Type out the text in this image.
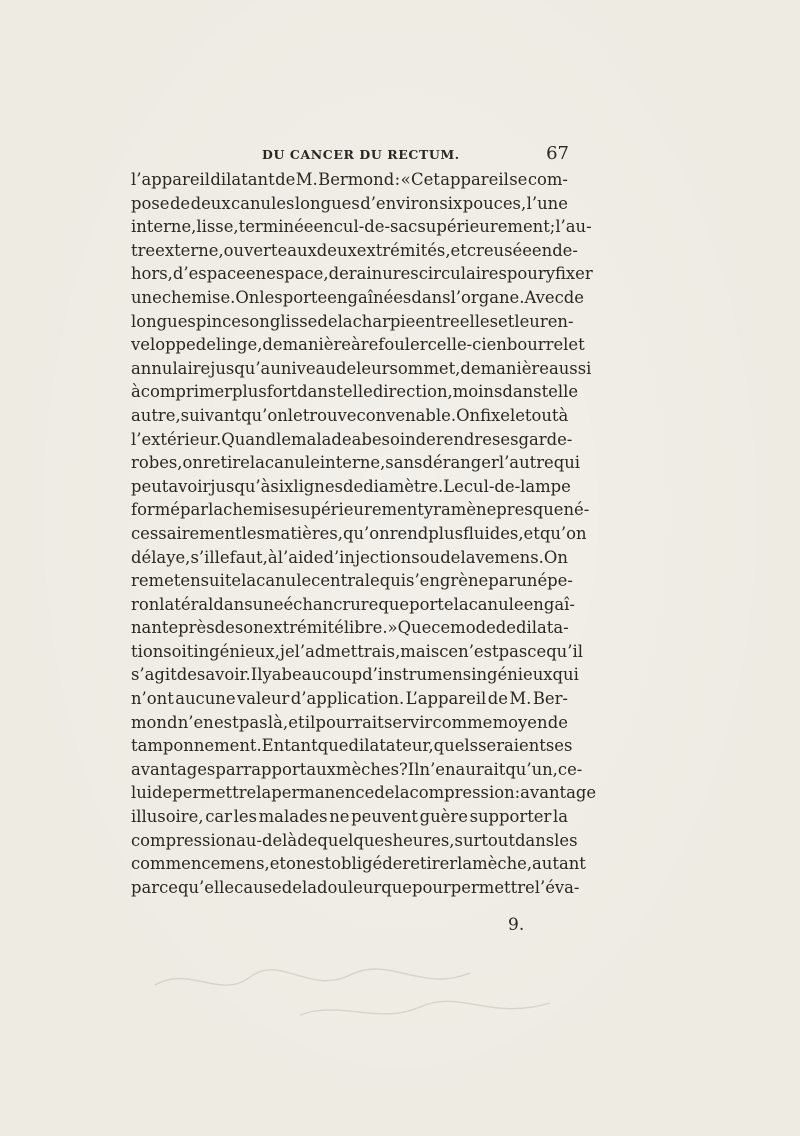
DU CANCER DU RECTUM.	67
l’appareil dilatant de M. Bermond : « Cet appareil se com-
pose de deux canules longues d’environ six pouces, l’une
interne, lisse, terminée en cul-de-sac supérieurement; l’au-
tre externe, ouverte aux deux extrémités, et creusée en de-
hors, d’espace en espace, de rainures circulaires pour y fixer
une chemise. On les porte engaînées dans l’organe. Avec de
longues pinces on glisse de la charpie entre elles et leur en-
veloppe de linge, de manière à refouler celle-ci en bourrelet
annulaire jusqu’au niveau de leur sommet, de manière aussi
à comprimer plus fort dans telle direction, moins dans telle
autre, suivant qu’on le trouve convenable. On fixe le tout à
l’extérieur. Quand le malade a besoin de rendre ses garde-
robes, on retire la canule interne, sans déranger l’autre qui
peut avoir jusqu’à six lignes de diamètre. Le cul-de-lampe
formé par la chemise supérieurement y ramène presque né-
cessairement les matières, qu’on rend plus fluides, et qu’on
délaye, s’il le faut, à l’aide d’injections ou de lavemens. On
remet ensuite la canule centrale qui s’engrène par un épe-
ron latéral dans une échancrure que porte la canule engaî-
nante près de son extrémité libre. » Que ce mode de dilata-
tion soit ingénieux, je l’admettrais, mais ce n’est pas ce qu’il
s’agit de savoir. Il y a beaucoup d’instrumens ingénieux qui
n’ont aucune valeur d’application. L’appareil de M. Ber-
mond n’en est pas là, et il pourrait servir comme moyen de
tamponnement. En tant que dilatateur, quels seraient ses
avantages par rapport aux mèches? Il n’en aurait qu’un, ce-
lui de permettre la permanence de la compression : avantage
illusoire, car les malades ne peuvent guère supporter la
compression au-delà de quelques heures, surtout dans les
commencemens, et on est obligé de retirer la mèche, autant
parce qu’elle cause de la douleur que pour permettre l’éva-
9.
